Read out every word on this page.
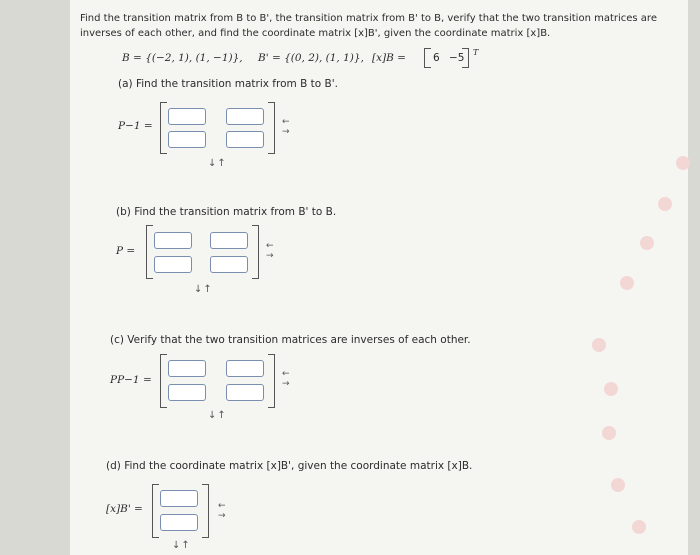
Find the transition matrix from B to B', the transition matrix from B' to B, verify that the two transition matrices are
inverses of each other, and find the coordinate matrix [x]B', given the coordinate matrix [x]B.
B = {(−2, 1), (1, −1)}, B' = {(0, 2), (1, 1)}, [x]B =	6 −5 T
(a) Find the transition matrix from B to B'.
P−1 =	←
→
↓↑
(b) Find the transition matrix from B' to B.
P =	←
→
↓↑
(c) Verify that the two transition matrices are inverses of each other.
PP−1 =	←
→
↓↑
(d) Find the coordinate matrix [x]B', given the coordinate matrix [x]B.
[x]B' =	←
→
↓↑
